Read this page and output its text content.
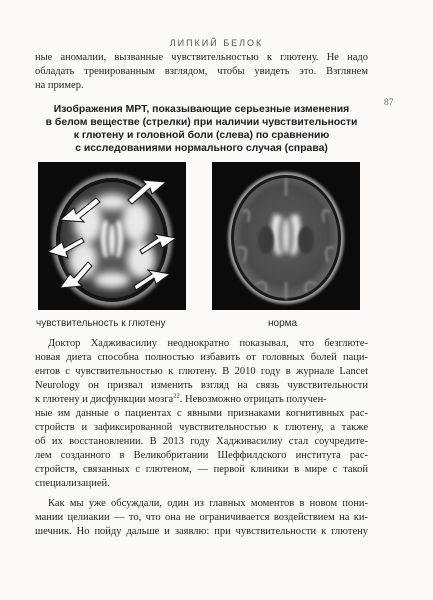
ЛИПКИЙ БЕЛОК
87
ные аномалии, вызванные чувствительностью к глютену. Не надо
обладать тренированным взглядом, чтобы увидеть это. Взглянем
на пример.
Изображения МРТ, показывающие серьезные изменения
в белом веществе (стрелки) при наличии чувствительности
к глютену и головной боли (слева) по сравнению
с исследованиями нормального случая (справа)
чувствительность к глютену	норма
Доктор Хадживасилиу неоднократно показывал, что безглютe-
новая диета способна полностью избавить от головных болей паци-
ентов с чувствительностью к глютену. В 2010 году в журнале Lancet
Neurology он призвал изменить взгляд на связь чувствительности
к глютену и дисфункции мозга$^{22}$. Невозможно отрицать получен-
ные им данные о пациентах с явными признаками когнитивных рас-
стройств и зафиксированной чувствительностью к глютену, а также
об их восстановлении. В 2013 году Хадживасилиу стал соучредите-
лем созданного в Великобритании Шеффилдского института рас-
стройств, связанных с глютеном, — первой клиники в мире с такой
специализацией.
Как мы уже обсуждали, один из главных моментов в новом пони-
мании целиакии — то, что она не ограничивается воздействием на ки-
шечник. Но пойду дальше и заявлю: при чувствительности к глютену
